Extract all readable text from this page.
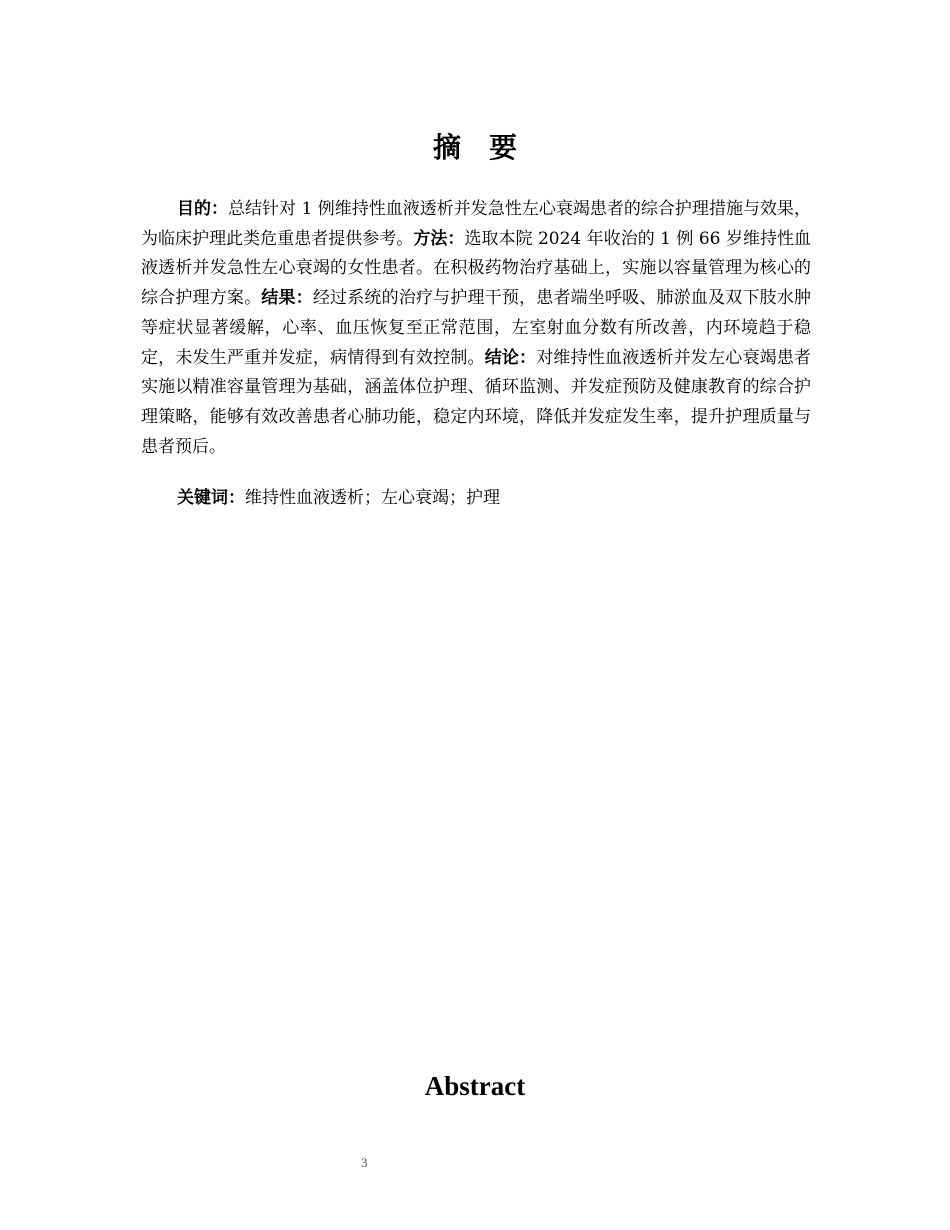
摘要

目的：总结针对 1 例维持性血液透析并发急性左心衰竭患者的综合护理措施与效果，为临床护理此类危重患者提供参考。方法：选取本院 2024 年收治的 1 例 66 岁维持性血液透析并发急性左心衰竭的女性患者。在积极药物治疗基础上，实施以容量管理为核心的综合护理方案。结果：经过系统的治疗与护理干预，患者端坐呼吸、肺淤血及双下肢水肿等症状显著缓解，心率、血压恢复至正常范围，左室射血分数有所改善，内环境趋于稳定，未发生严重并发症，病情得到有效控制。结论：对维持性血液透析并发左心衰竭患者实施以精准容量管理为基础，涵盖体位护理、循环监测、并发症预防及健康教育的综合护理策略，能够有效改善患者心肺功能，稳定内环境，降低并发症发生率，提升护理质量与患者预后。

关键词：维持性血液透析；左心衰竭；护理

Abstract
3
